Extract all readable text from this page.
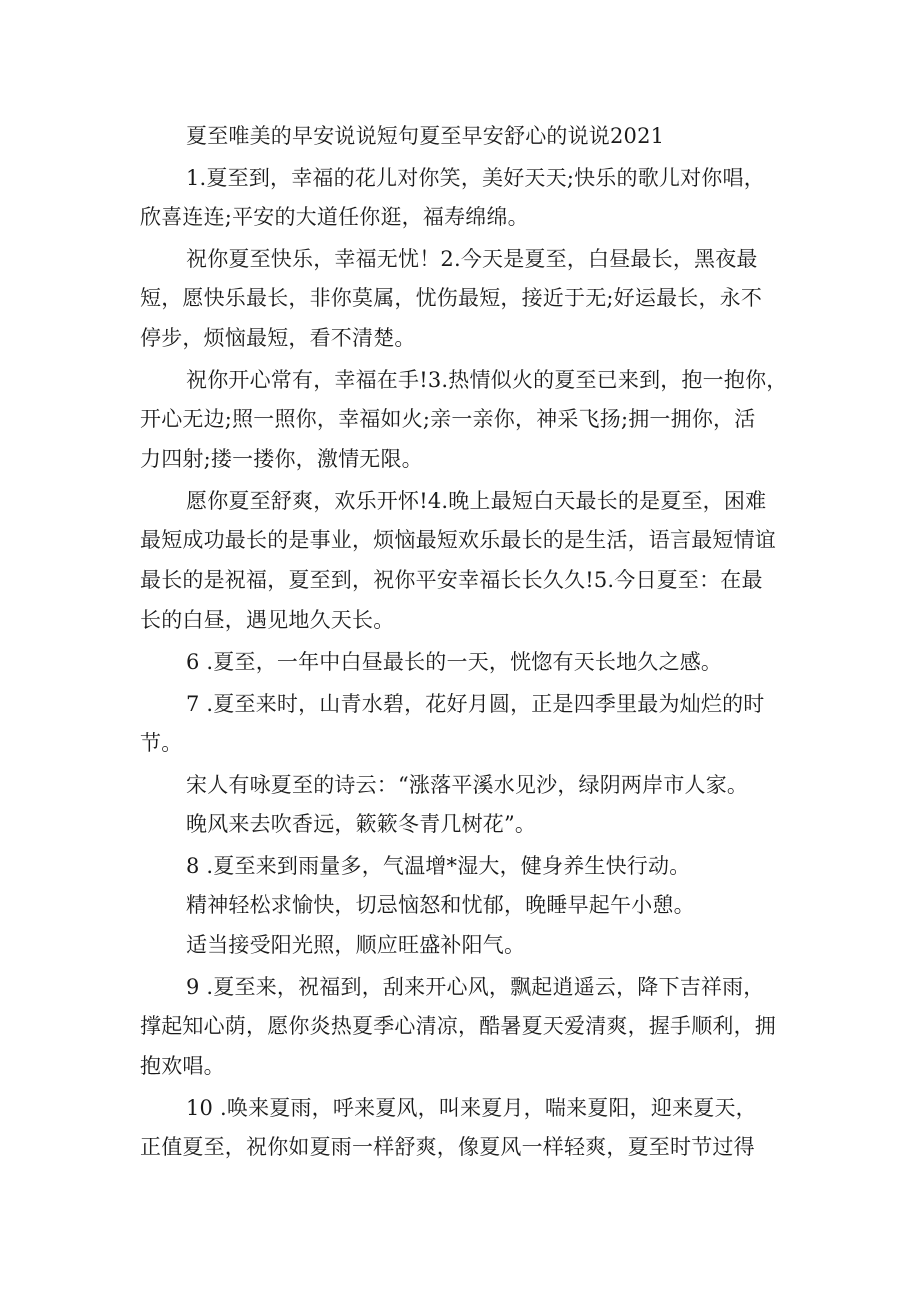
夏至唯美的早安说说短句夏至早安舒心的说说2021

1.夏至到，幸福的花儿对你笑，美好天天;快乐的歌儿对你唱，

欣喜连连;平安的大道任你逛，福寿绵绵。

祝你夏至快乐，幸福无忧！2.今天是夏至，白昼最长，黑夜最

短，愿快乐最长，非你莫属，忧伤最短，接近于无;好运最长，永不

停步，烦恼最短，看不清楚。

祝你开心常有，幸福在手!3.热情似火的夏至已来到，抱一抱你，

开心无边;照一照你，幸福如火;亲一亲你，神采飞扬;拥一拥你，活

力四射;搂一搂你，激情无限。

愿你夏至舒爽，欢乐开怀!4.晚上最短白天最长的是夏至，困难

最短成功最长的是事业，烦恼最短欢乐最长的是生活，语言最短情谊

最长的是祝福，夏至到，祝你平安幸福长长久久!5.今日夏至：在最

长的白昼，遇见地久天长。

6 .夏至，一年中白昼最长的一天，恍惚有天长地久之感。

7 .夏至来时，山青水碧，花好月圆，正是四季里最为灿烂的时

节。

宋人有咏夏至的诗云：“涨落平溪水见沙，绿阴两岸市人家。

晚风来去吹香远，簌簌冬青几树花”。

8 .夏至来到雨量多，气温增*湿大，健身养生快行动。

精神轻松求愉快，切忌恼怒和忧郁，晚睡早起午小憩。

适当接受阳光照，顺应旺盛补阳气。

9 .夏至来，祝福到，刮来开心风，飘起逍遥云，降下吉祥雨，

撑起知心荫，愿你炎热夏季心清凉，酷暑夏天爱清爽，握手顺利，拥

抱欢唱。

10 .唤来夏雨，呼来夏风，叫来夏月，喘来夏阳，迎来夏天，

正值夏至，祝你如夏雨一样舒爽，像夏风一样轻爽，夏至时节过得
